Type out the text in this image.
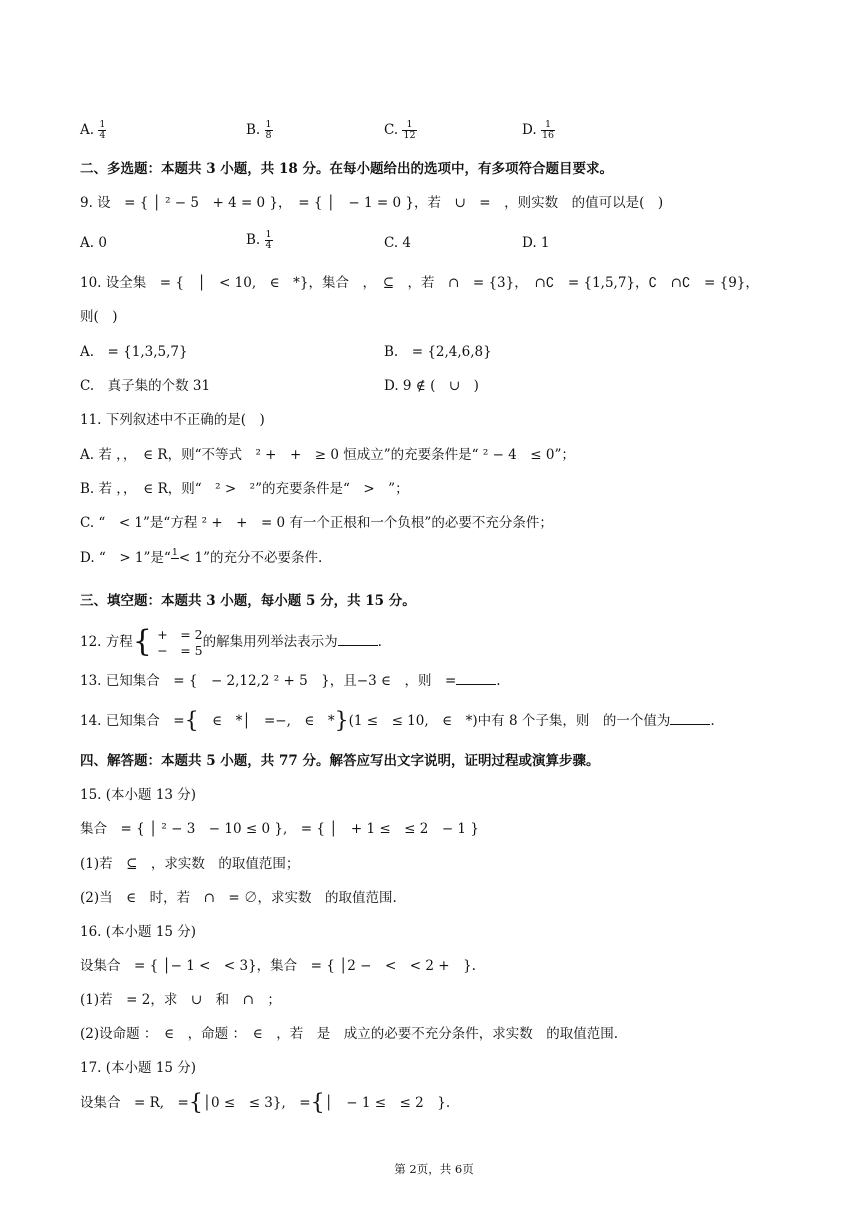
A. $\frac{1}{4}$	B. $\frac{1}{8}$	C. $\frac{1}{12}$	D. $\frac{1}{16}$
二、多选题：本题共 3 小题，共 18 分。在每小题给出的选项中，有多项符合题目要求。
9. 设　= { │ ² − 5　+ 4 = 0 }，　= { │　− 1 = 0 }，若　∪　=　，则实数　的值可以是(　)
A. 0	B. $\frac{1}{4}$	C. 4	D. 1
10. 设全集　= {　│　< 10,　∈　*}，集合　，　⊆　，若　∩　= {3}，　∩∁　= {1,5,7}，∁　∩∁　= {9}，
则(　)
A.　= {1,3,5,7}	B.　= {2,4,6,8}
C.　真子集的个数 31	D. 9 ∉ (　∪　)
11. 下列叙述中不正确的是(　)
A. 若 ，，　∈ R，则“不等式　² +　+　≥ 0 恒成立”的充要条件是“ ² − 4　≤ 0”；
B. 若 ，，　∈ R，则“　² >　²”的充要条件是“　>　”；
C. “　< 1”是“方程 ² +　+　= 0 有一个正根和一个负根”的必要不充分条件；
D. “　> 1”是“ 1
< 1”的充分不必要条件.
三、填空题：本题共 3 小题，每小题 5 分，共 15 分。
12. 方程 {
　+　= 2
　−　= 5 的解集用列举法表示为	.
13. 已知集合　= {　− 2,12,2 ² + 5　}，且−3 ∈　，则　=	.
14. 已知集合　={　∈　*│　=−,　∈　*}(1 ≤　≤ 10,　∈　*)中有 8 个子集，则　的一个值为	.
四、解答题：本题共 5 小题，共 77 分。解答应写出文字说明，证明过程或演算步骤。
15. (本小题 13 分)
集合　= { │ ² − 3　− 10 ≤ 0 },　= { │　+ 1 ≤　≤ 2　− 1 }
(1)若　⊆　，求实数　的取值范围；
(2)当　∈　时，若　∩　= ∅，求实数　的取值范围.
16. (本小题 15 分)
设集合　= { │− 1 <　< 3}，集合　= { │2 −　<　< 2 +　}.
(1)若　= 2，求　∪　和　∩　；
(2)设命题 ：　∈　，命题 ：　∈　，若　是　成立的必要不充分条件，求实数　的取值范围.
17. (本小题 15 分)
设集合　= R,　={│0 ≤　≤ 3},　={│　− 1 ≤　≤ 2　}.
第 2页，共 6页
